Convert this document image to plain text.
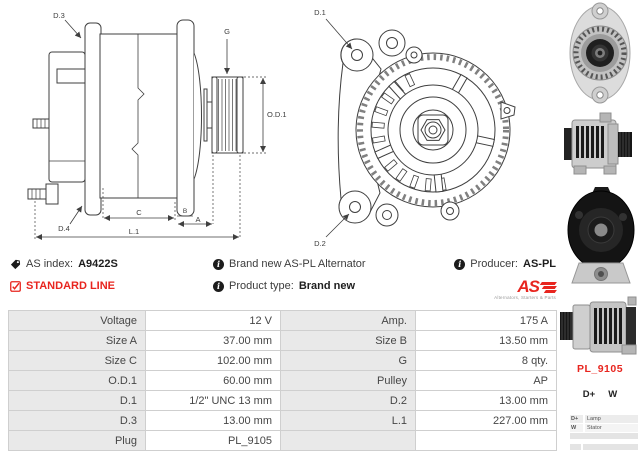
D.3
G
O.D.1
D.4
C	B
A
L.1
D.1
D.2
PL_9105
D+ W
D+	Lamp
W	Stator
AS index: A9422S
STANDARD LINE
i
Brand new AS-PL Alternator
i
Product type: Brand new
i
Producer: AS-PL
AS
Alternators, Starters & Parts
Voltage	12 V	Amp.	175 A
Size A	37.00 mm	Size B	13.50 mm
Size C	102.00 mm	G	8 qty.
O.D.1	60.00 mm	Pulley	AP
D.1	1/2" UNC 13 mm	D.2	13.00 mm
D.3	13.00 mm	L.1	227.00 mm
Plug	PL_9105		
